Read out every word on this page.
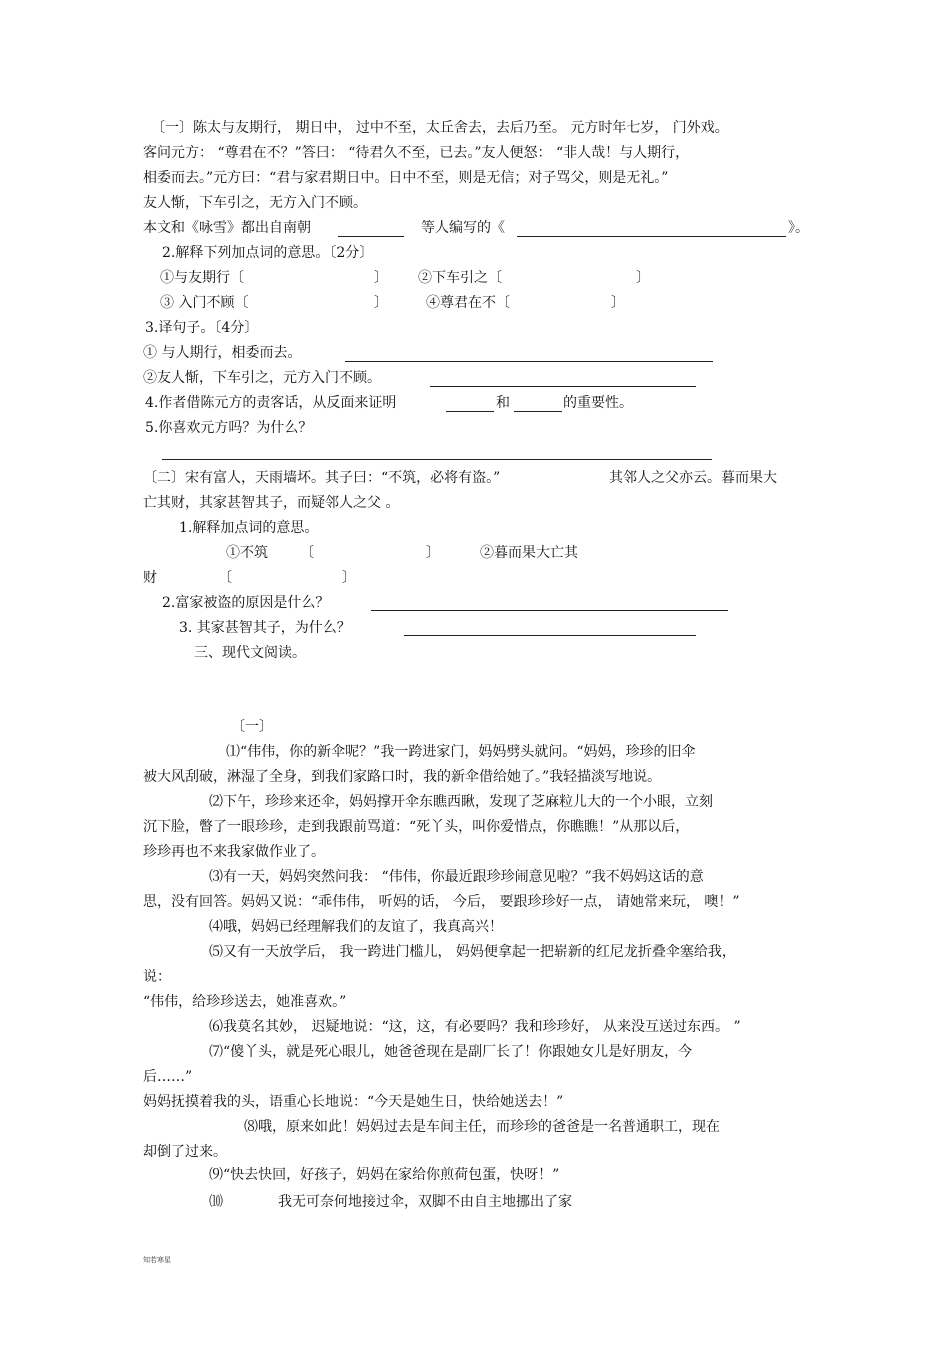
〔一〕陈太与友期行， 期日中， 过中不至，太丘舍去，去后乃至。 元方时年七岁， 门外戏。
客问元方： “尊君在不？”答曰： “待君久不至，已去。”友人便怒： “非人哉！与人期行，
相委而去。”元方曰：“君与家君期日中。日中不至，则是无信；对子骂父，则是无礼。”
友人惭，下车引之，无方入门不顾。
本文和《咏雪》都出自南朝	等人编写的《	》。
2.解释下列加点词的意思。〔2分〕
①与友期行〔	〕 ②下车引之〔	〕
③ 入门不顾〔	〕	④尊君在不〔	〕
3.译句子。〔4分〕
① 与人期行，相委而去。
②友人惭，下车引之，元方入门不顾。
4.作者借陈元方的责客话，从反面来证明	和	的重要性。
5.你喜欢元方吗？为什么？
〔二〕宋有富人，天雨墙坏。其子曰：“不筑，必将有盗。”	其邻人之父亦云。暮而果大
亡其财，其家甚智其子，而疑邻人之父 。
1.解释加点词的意思。
①不筑 〔	〕	②暮而果大亡其
财	〔	〕
2.富家被盗的原因是什么？
3. 其家甚智其子，为什么？
三、现代文阅读。
〔一〕
⑴“伟伟，你的新伞呢？”我一跨进家门，妈妈劈头就问。“妈妈，珍珍的旧伞
被大风刮破，淋湿了全身，到我们家路口时，我的新伞借给她了。”我轻描淡写地说。
⑵下午，珍珍来还伞，妈妈撑开伞东瞧西瞅，发现了芝麻粒儿大的一个小眼，立刻
沉下脸，瞥了一眼珍珍，走到我跟前骂道：“死丫头，叫你爱惜点，你瞧瞧！”从那以后，
珍珍再也不来我家做作业了。
⑶有一天，妈妈突然问我： “伟伟，你最近跟珍珍闹意见啦？”我不妈妈这话的意
思，没有回答。妈妈又说：“乖伟伟， 听妈的话， 今后， 要跟珍珍好一点， 请她常来玩， 噢！”
⑷哦，妈妈已经理解我们的友谊了，我真高兴！
⑸又有一天放学后， 我一跨进门槛儿， 妈妈便拿起一把崭新的红尼龙折叠伞塞给我，
说：
“伟伟，给珍珍送去，她准喜欢。”
⑹我莫名其妙， 迟疑地说：“这，这，有必要吗？我和珍珍好， 从来没互送过东西。 ”
⑺“傻丫头，就是死心眼儿，她爸爸现在是副厂长了！你跟她女儿是好朋友，今
后……”
妈妈抚摸着我的头，语重心长地说：“今天是她生日，快给她送去！”
⑻哦，原来如此！妈妈过去是车间主任，而珍珍的爸爸是一名普通职工，现在
却倒了过来。
⑼“快去快回，好孩子，妈妈在家给你煎荷包蛋，快呀！”
⑽	我无可奈何地接过伞，双脚不由自主地挪出了家
知若寒星
